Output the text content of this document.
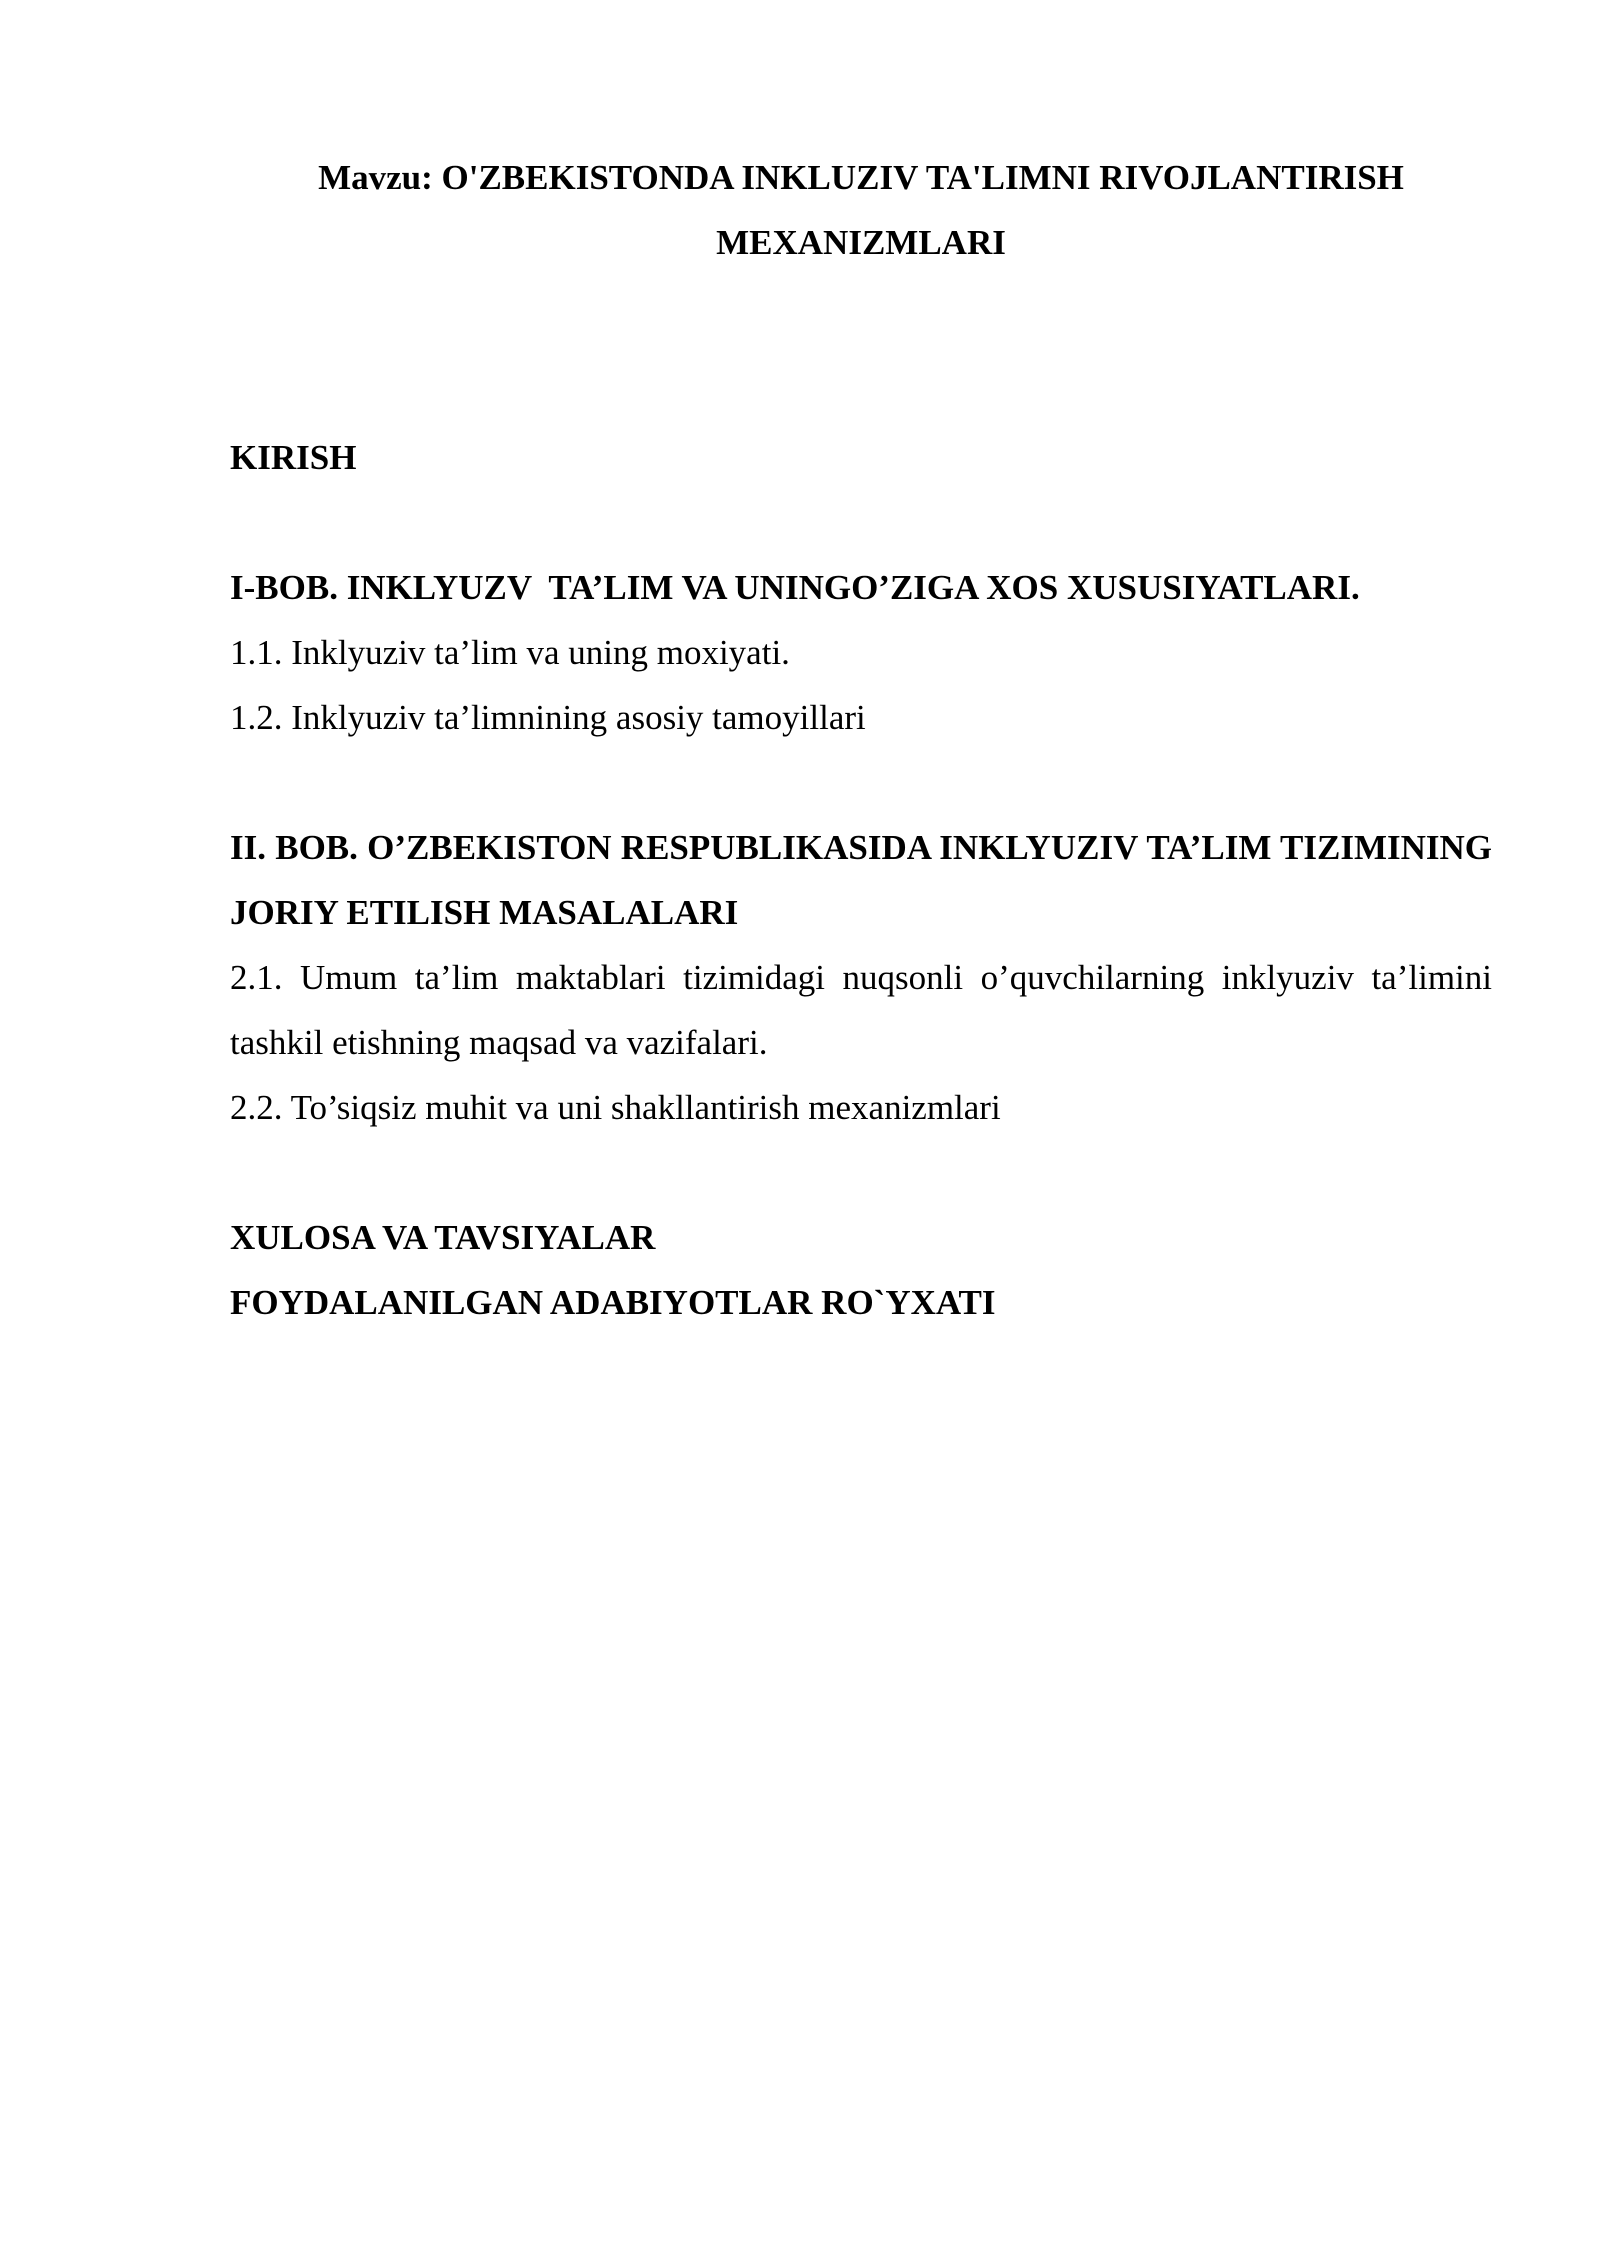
Mavzu: O'ZBEKISTONDA INKLUZIV TA'LIMNI RIVOJLANTIRISH MEXANIZMLARI

KIRISH

I-BOB. INKLYUZV  TA’LIM VA UNINGO’ZIGA XOS XUSUSIYATLARI.

1.1. Inklyuziv ta’lim va uning moxiyati.

1.2. Inklyuziv ta’limnining asosiy tamoyillari

II. BOB. O’ZBEKISTON RESPUBLIKASIDA INKLYUZIV TA’LIM TIZIMINING JORIY ETILISH MASALALARI

2.1. Umum ta’lim maktablari tizimidagi nuqsonli o’quvchilarning inklyuziv ta’limini tashkil etishning maqsad va vazifalari.

2.2. To’siqsiz muhit va uni shakllantirish mexanizmlari

XULOSA VA TAVSIYALAR

FOYDALANILGAN ADABIYOTLAR RO`YXATI
